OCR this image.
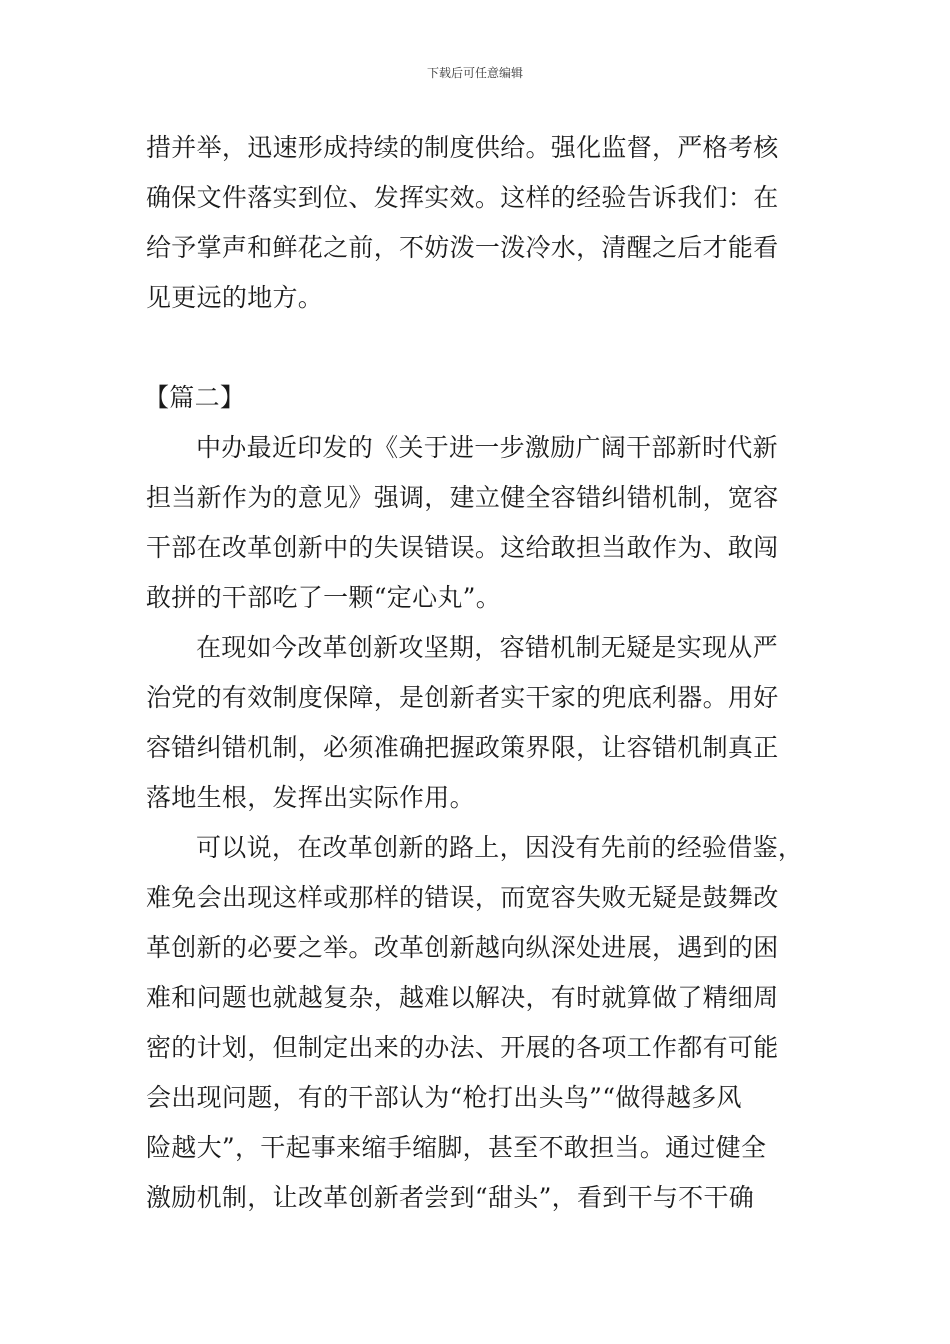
下载后可任意编辑
措并举，迅速形成持续的制度供给。强化监督，严格考核
确保文件落实到位、发挥实效。这样的经验告诉我们：在
给予掌声和鲜花之前，不妨泼一泼冷水，清醒之后才能看
见更远的地方。
【篇二】
中办最近印发的《关于进一步激励广阔干部新时代新
担当新作为的意见》强调，建立健全容错纠错机制，宽容
干部在改革创新中的失误错误。这给敢担当敢作为、敢闯
敢拼的干部吃了一颗“定心丸”。
在现如今改革创新攻坚期，容错机制无疑是实现从严
治党的有效制度保障，是创新者实干家的兜底利器。用好
容错纠错机制，必须准确把握政策界限，让容错机制真正
落地生根，发挥出实际作用。
可以说，在改革创新的路上，因没有先前的经验借鉴，
难免会出现这样或那样的错误，而宽容失败无疑是鼓舞改
革创新的必要之举。改革创新越向纵深处进展，遇到的困
难和问题也就越复杂，越难以解决，有时就算做了精细周
密的计划，但制定出来的办法、开展的各项工作都有可能
会出现问题，有的干部认为“枪打出头鸟”“做得越多风
险越大”，干起事来缩手缩脚，甚至不敢担当。通过健全
激励机制，让改革创新者尝到“甜头”，看到干与不干确
